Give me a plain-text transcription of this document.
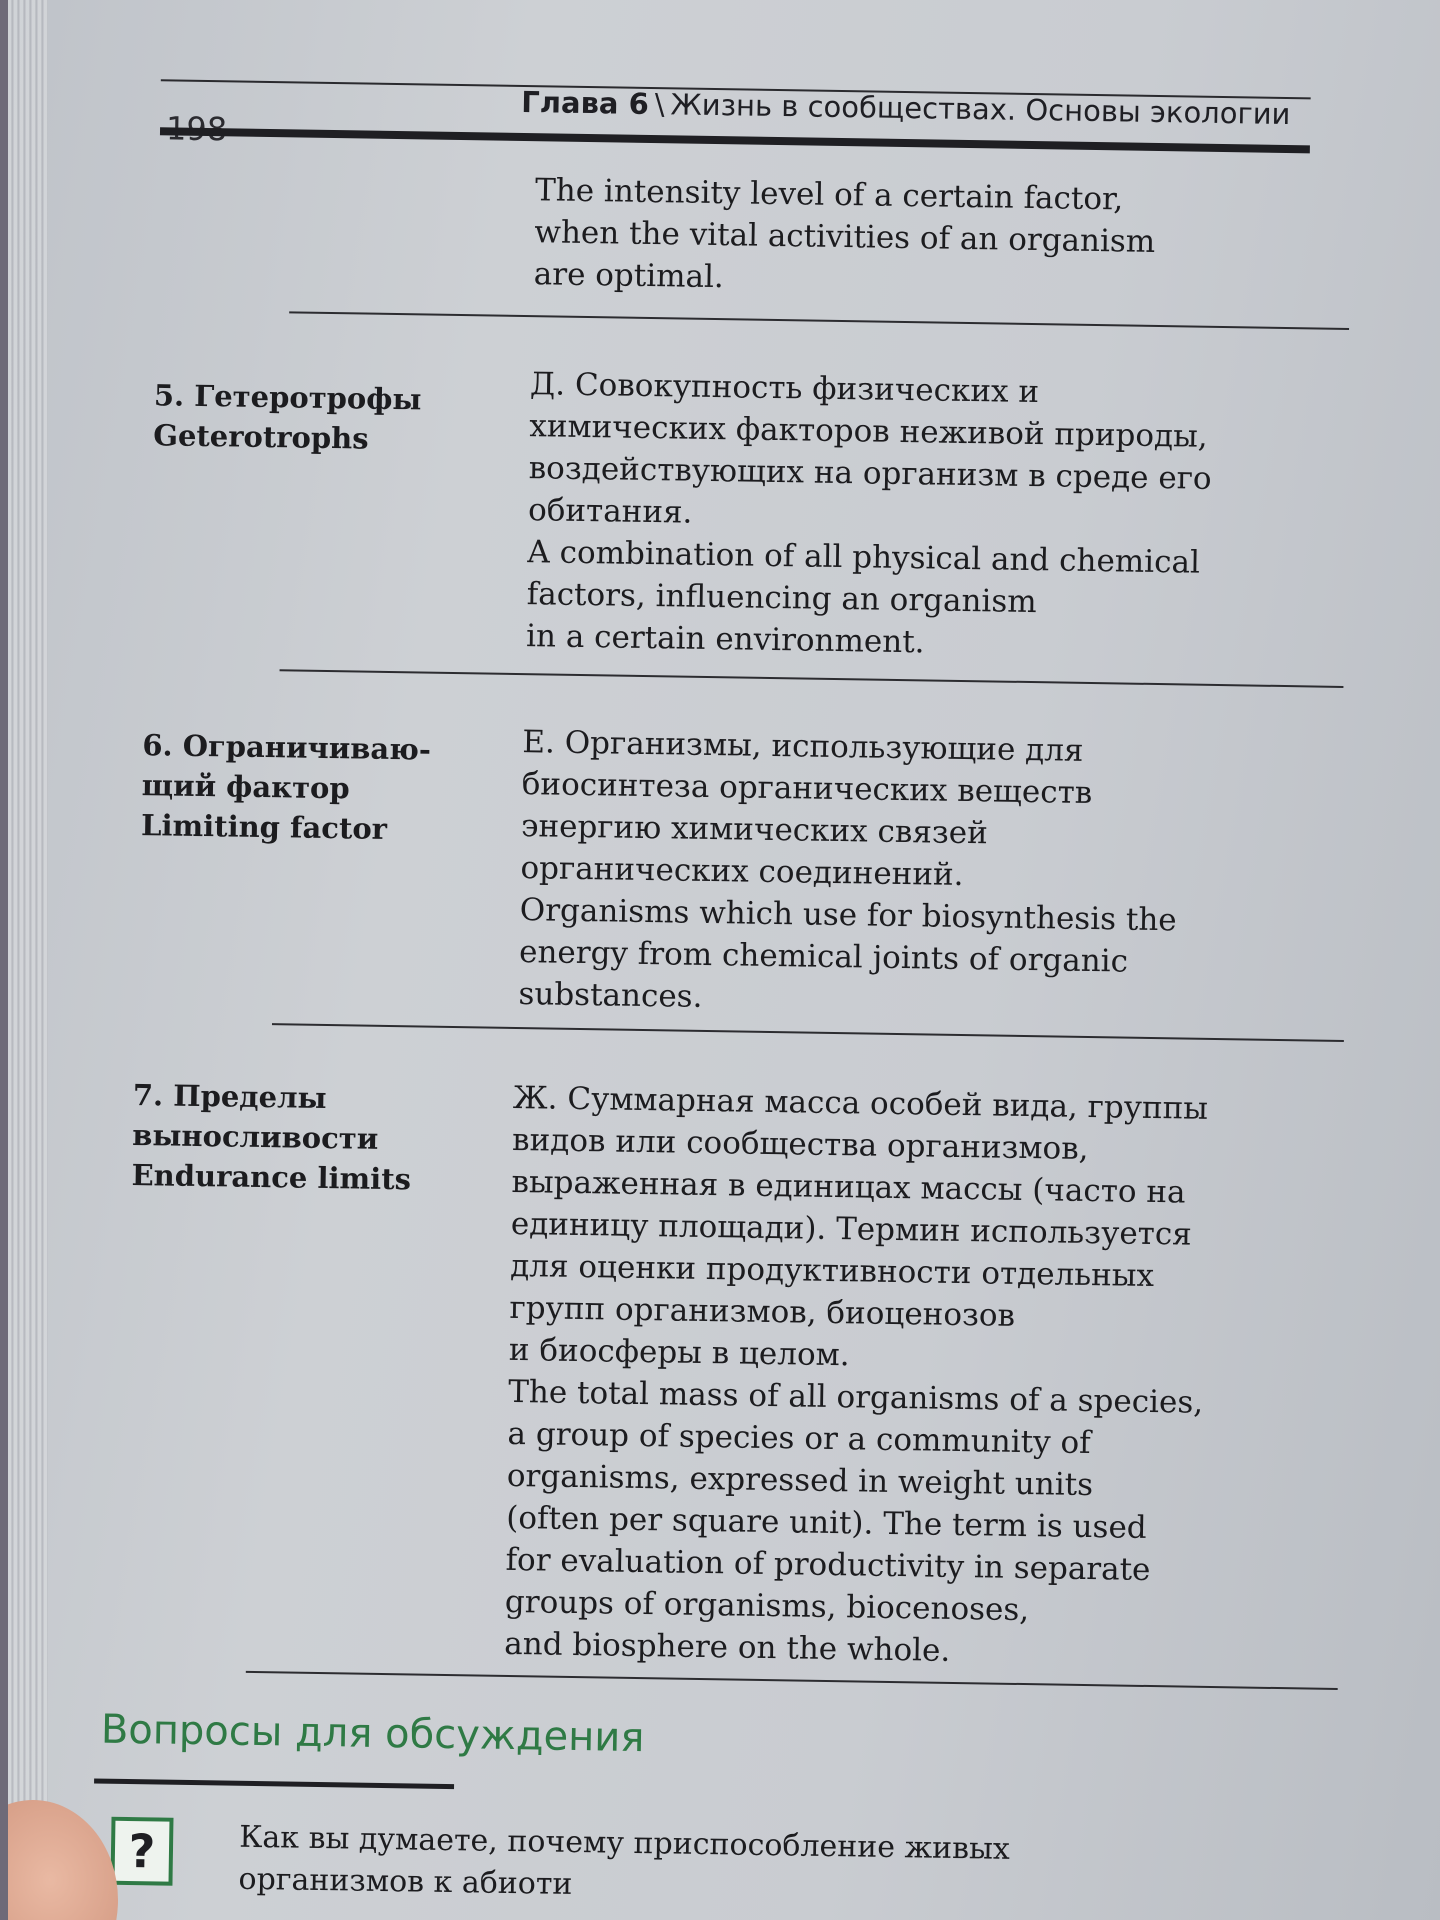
Глава 6 \ Жизнь в сообществах. Основы экологии

The intensity level of a certain factor,

when the vital activities of an organism

are optimal.

5. Гетеротрофы
Geterotrophs

Д. Совокупность физических и

химических факторов неживой природы,

воздействующих на организм в среде его

обитания.

A combination of all physical and chemical

factors, influencing an organism

in a certain environment.

6. Ограничиваю-
щий фактор
Limiting factor

Е. Организмы, использующие для

биосинтеза органических веществ

энергию химических связей

органических соединений.

Organisms which use for biosynthesis the

energy from chemical joints of organic

substances.

7. Пределы
выносливости
Endurance limits

Ж. Суммарная масса особей вида, группы

видов или сообщества организмов,

выраженная в единицах массы (часто на

единицу площади). Термин используется

для оценки продуктивности отдельных

групп организмов, биоценозов

и биосферы в целом.

The total mass of all organisms of a species,

a group of species or a community of

organisms, expressed in weight units

(often per square unit). The term is used

for evaluation of productivity in separate

groups of organisms, biocenoses,

and biosphere on the whole.

Вопросы для обсуждения
?	Как вы думаете, почему приспособление живых

организмов к абиоти
